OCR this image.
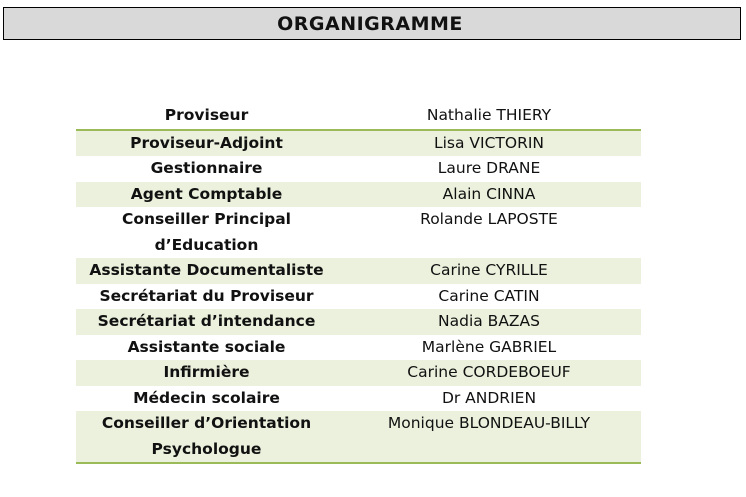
ORGANIGRAMME
Proviseur	Nathalie THIERY
Proviseur-Adjoint	Lisa VICTORIN
Gestionnaire	Laure DRANE
Agent Comptable	Alain CINNA
Conseiller Principal d’Education	Rolande LAPOSTE
Assistante Documentaliste	Carine CYRILLE
Secrétariat du Proviseur	Carine CATIN
Secrétariat d’intendance	Nadia BAZAS
Assistante sociale	Marlène GABRIEL
Infirmière	Carine CORDEBOEUF
Médecin scolaire	Dr ANDRIEN
Conseiller d’Orientation Psychologue	Monique BLONDEAU-BILLY
